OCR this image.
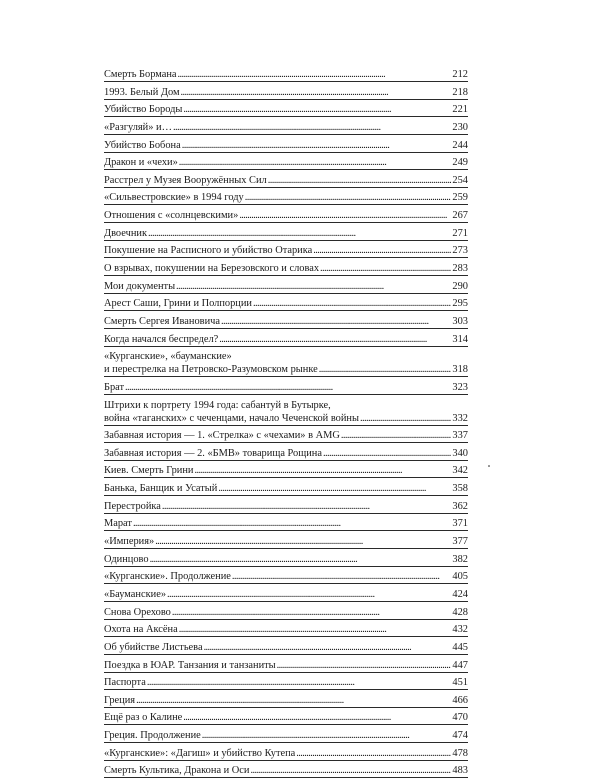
Смерть Бормана . . .	212
1993. Белый Дом . . .	218
Убийство Бороды . . .	221
«Разгуляй» и… . . .	230
Убийство Бобона . . .	244
Дракон и «чехи» . . .	249
Расстрел у Музея Вооружённых Сил . . .	254
«Сильвестровские» в 1994 году . . .	259
Отношения с «солнцевскими» . . .	267
Двоечник . . .	271
Покушение на Расписного и убийство Отарика . . .	273
О взрывах, покушении на Березовского и словах . . .	283
Мои документы . . .	290
Арест Саши, Грини и Полпорции . . .	295
Смерть Сергея Ивановича . . .	303
Когда начался беспредел? . . .	314
«Курганские», «бауманские»
и перестрелка на Петровско-Разумовском рынке . . .	318
Брат . . .	323
Штрихи к портрету 1994 года: сабантуй в Бутырке,
война «таганских» с чеченцами, начало Чеченской войны . . .	332
Забавная история — 1. «Стрелка» с «чехами» в AMG . . .	337
Забавная история — 2. «БМВ» товарища Рощина . . .	340
Киев. Смерть Грини . . .	342
Банька, Банщик и Усатый . . .	358
Перестройка . . .	362
Марат . . .	371
«Империя» . . .	377
Одинцово . . .	382
«Курганские». Продолжение . . .	405
«Бауманские» . . .	424
Снова Орехово . . .	428
Охота на Аксёна . . .	432
Об убийстве Листьева . . .	445
Поездка в ЮАР. Танзания и танзаниты . . .	447
Паспорта . . .	451
Греция . . .	466
Ещё раз о Калине . . .	470
Греция. Продолжение . . .	474
«Курганские»: «Дагиш» и убийство Кутепа . . .	478
Смерть Культика, Дракона и Оси . . .	483
